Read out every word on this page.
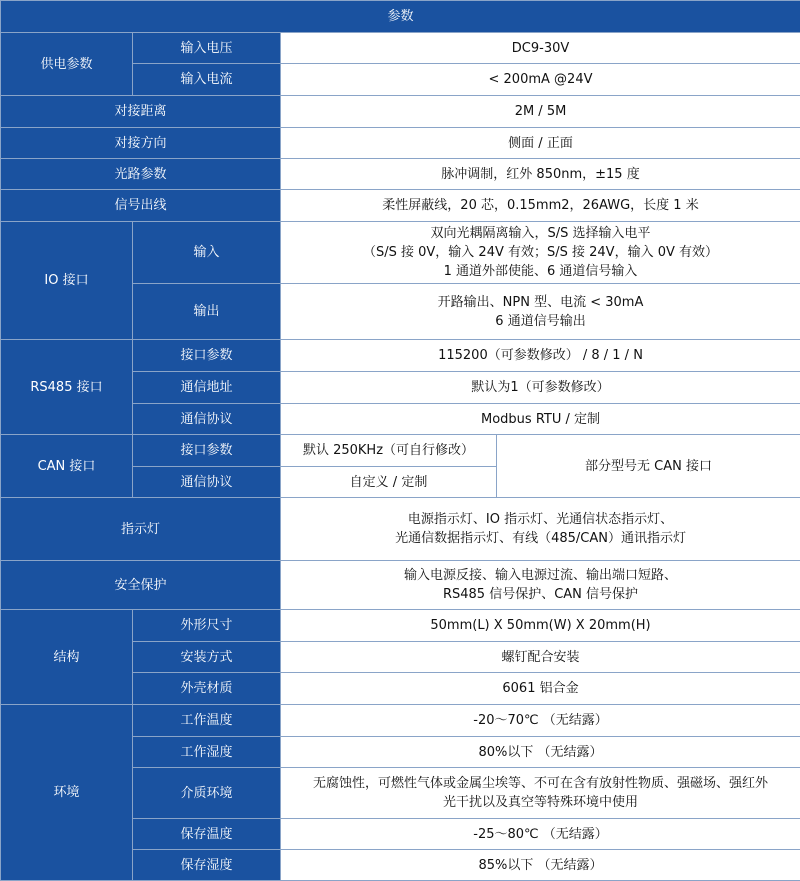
参数			
供电参数	输入电压	DC9-30V	
	输入电流	< 200mA @24V	
对接距离		2M / 5M	
对接方向		侧面 / 正面	
光路参数		脉冲调制，红外 850nm，±15 度	
信号出线		柔性屏蔽线，20 芯，0.15mm2，26AWG，长度 1 米	
IO 接口	输入	双向光耦隔离输入，S/S 选择输入电平
（S/S 接 0V，输入 24V 有效；S/S 接 24V，输入 0V 有效）
1 通道外部使能、6 通道信号输入	

	输出	开路输出、NPN 型、电流 < 30mA
6 通道信号输出	

RS485 接口	接口参数	115200（可参数修改） / 8 / 1 / N	
	通信地址	默认为1（可参数修改）	
	通信协议	Modbus RTU / 定制	
CAN 接口	接口参数	默认 250KHz（可自行修改）	部分型号无 CAN 接口
	通信协议	自定义 / 定制	
指示灯		电源指示灯、IO 指示灯、光通信状态指示灯、
光通信数据指示灯、有线（485/CAN）通讯指示灯	

安全保护		输入电源反接、输入电源过流、输出端口短路、
RS485 信号保护、CAN 信号保护	

结构	外形尺寸	50mm(L) X 50mm(W) X 20mm(H)	
	安装方式	螺钉配合安装	
	外壳材质	6061 铝合金	
环境	工作温度	-20～70℃ （无结露）	
	工作湿度	80%以下 （无结露）	
	介质环境	无腐蚀性，可燃性气体或金属尘埃等、不可在含有放射性物质、强磁场、强红外
光干扰以及真空等特殊环境中使用	

	保存温度	-25～80℃ （无结露）	
	保存湿度	85%以下 （无结露）	
